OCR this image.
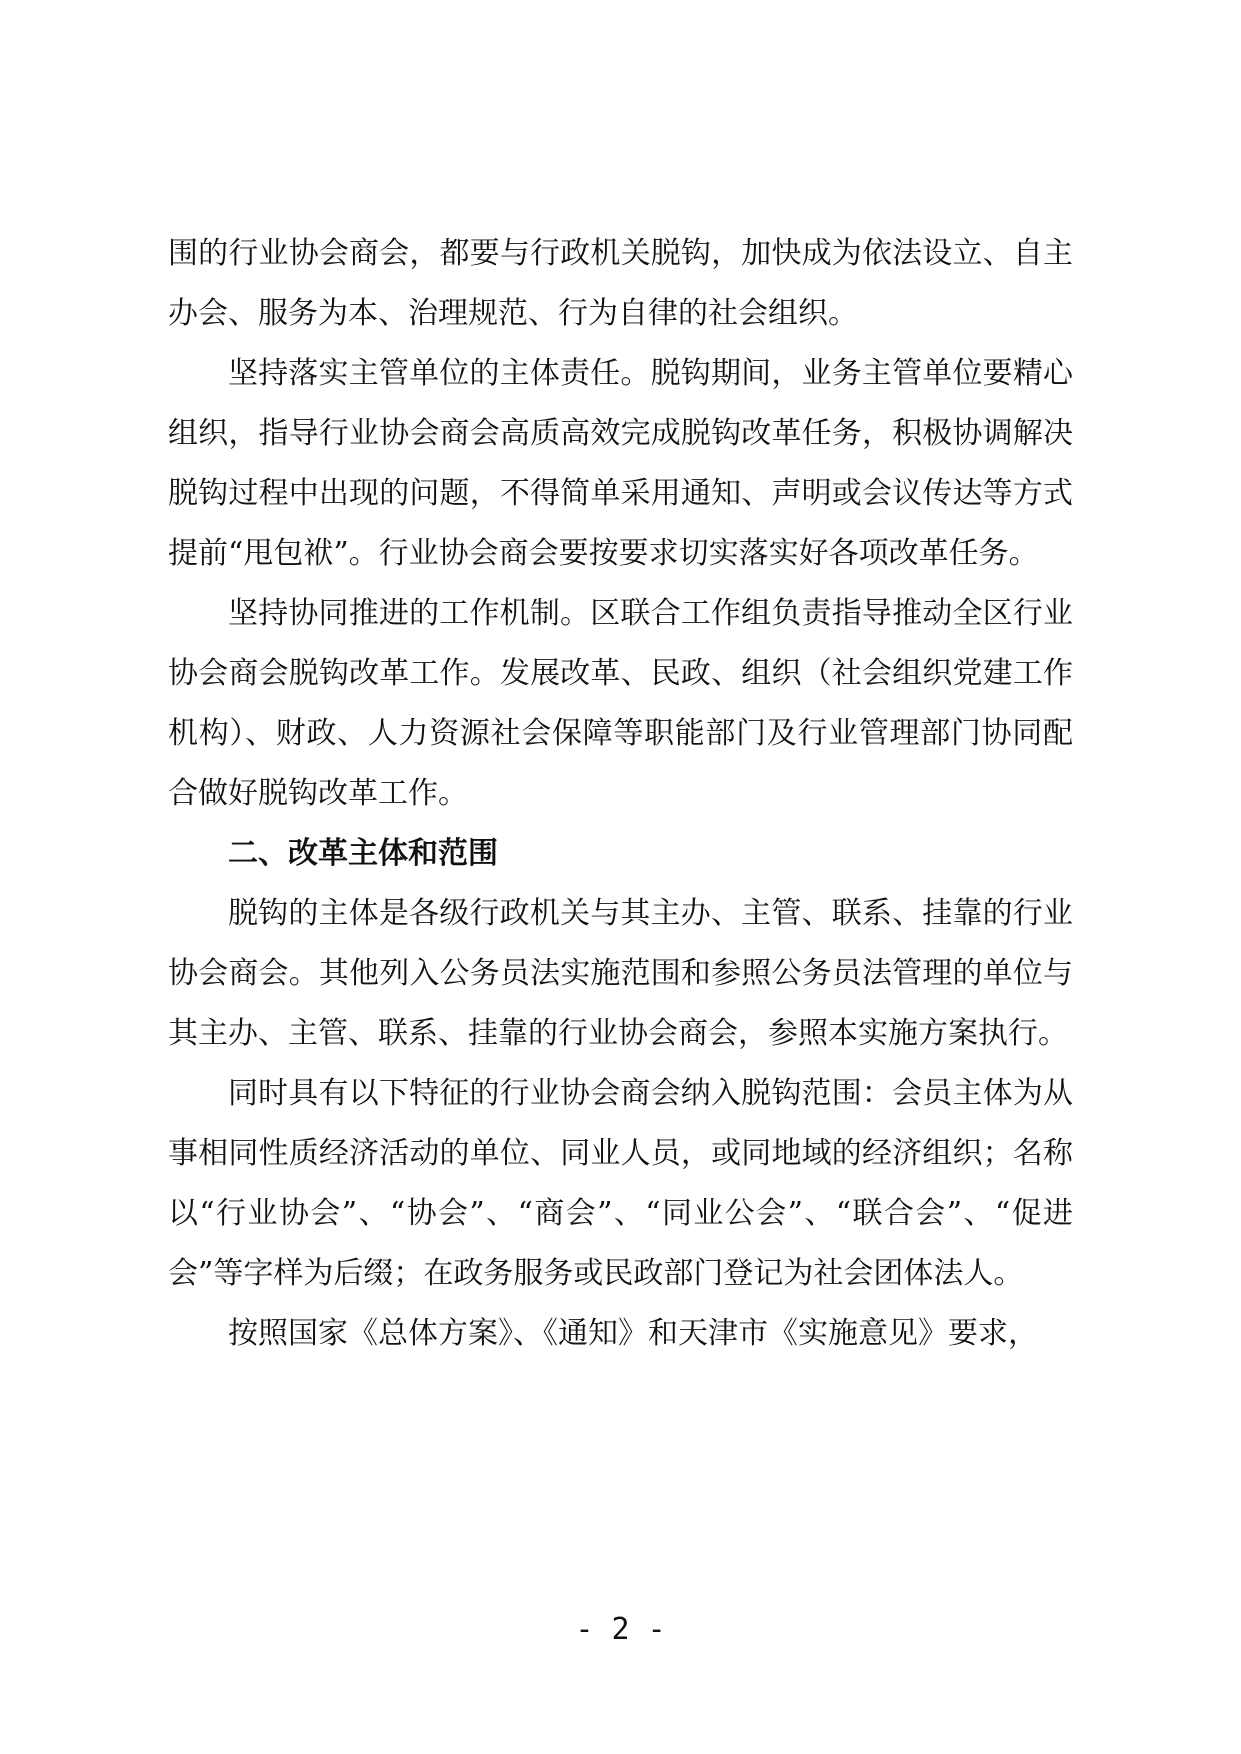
围的行业协会商会，都要与行政机关脱钩，加快成为依法设立、自主办会、服务为本、治理规范、行为自律的社会组织。

坚持落实主管单位的主体责任。脱钩期间，业务主管单位要精心组织，指导行业协会商会高质高效完成脱钩改革任务，积极协调解决脱钩过程中出现的问题，不得简单采用通知、声明或会议传达等方式提前“甩包袱”。行业协会商会要按要求切实落实好各项改革任务。

坚持协同推进的工作机制。区联合工作组负责指导推动全区行业协会商会脱钩改革工作。发展改革、民政、组织（社会组织党建工作机构）、财政、人力资源社会保障等职能部门及行业管理部门协同配合做好脱钩改革工作。

二、改革主体和范围

脱钩的主体是各级行政机关与其主办、主管、联系、挂靠的行业协会商会。其他列入公务员法实施范围和参照公务员法管理的单位与其主办、主管、联系、挂靠的行业协会商会，参照本实施方案执行。

同时具有以下特征的行业协会商会纳入脱钩范围：会员主体为从事相同性质经济活动的单位、同业人员，或同地域的经济组织；名称以“行业协会”、“协会”、“商会”、“同业公会”、“联合会”、“促进会”等字样为后缀；在政务服务或民政部门登记为社会团体法人。

按照国家《总体方案》、《通知》和天津市《实施意见》要求，

- 2 -
